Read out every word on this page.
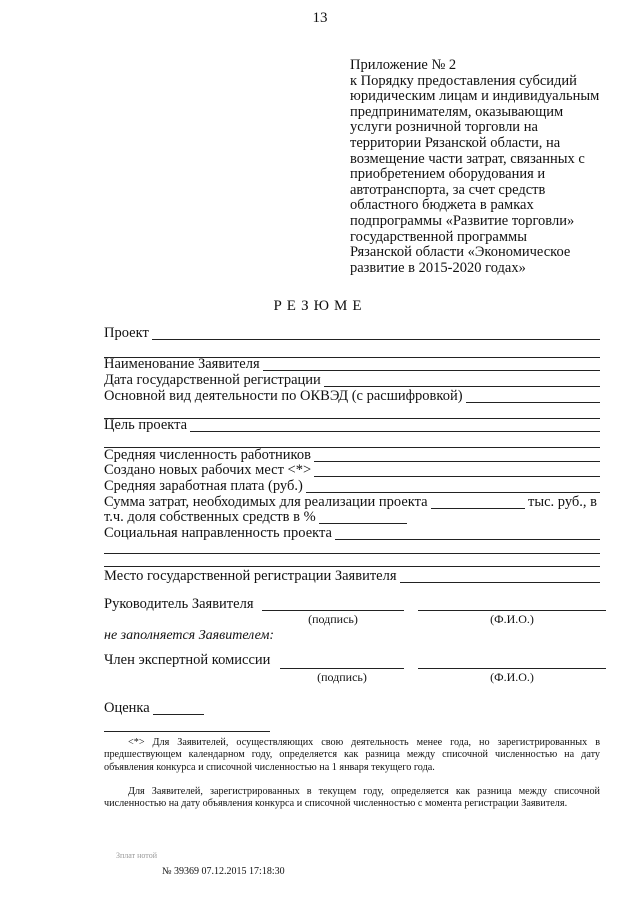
13
Приложение № 2
к Порядку предоставления субсидий
юридическим лицам и индивидуальным
предпринимателям, оказывающим
услуги розничной торговли на
территории Рязанской области, на
возмещение части затрат, связанных с
приобретением оборудования и
автотранспорта, за счет средств
областного бюджета в рамках
подпрограммы «Развитие торговли»
государственной программы
Рязанской области «Экономическое
развитие в 2015-2020 годах»
РЕЗЮМЕ
Проект
Наименование Заявителя
Дата государственной регистрации
Основной вид деятельности по ОКВЭД (с расшифровкой)
Цель проекта
Средняя численность работников
Создано новых рабочих мест <*>
Средняя заработная плата (руб.)
Сумма затрат, необходимых для реализации проекта	тыс. руб., в
т.ч. доля собственных средств в %
Социальная направленность проекта
Место государственной регистрации Заявителя
Руководитель Заявителя
(подпись)	(Ф.И.О.)
не заполняется Заявителем:
Член экспертной комиссии
(подпись)	(Ф.И.О.)
Оценка
<*> Для Заявителей, осуществляющих свою деятельность менее года, но зарегистрированных в предшествующем календарном году, определяется как разница между списочной численностью на дату объявления конкурса и списочной численностью на 1 января текущего года.
Для Заявителей, зарегистрированных в текущем году, определяется как разница между списочной численностью на дату объявления конкурса и списочной численностью с момента регистрации Заявителя.
Зплат нотой
№ 39369 07.12.2015 17:18:30
